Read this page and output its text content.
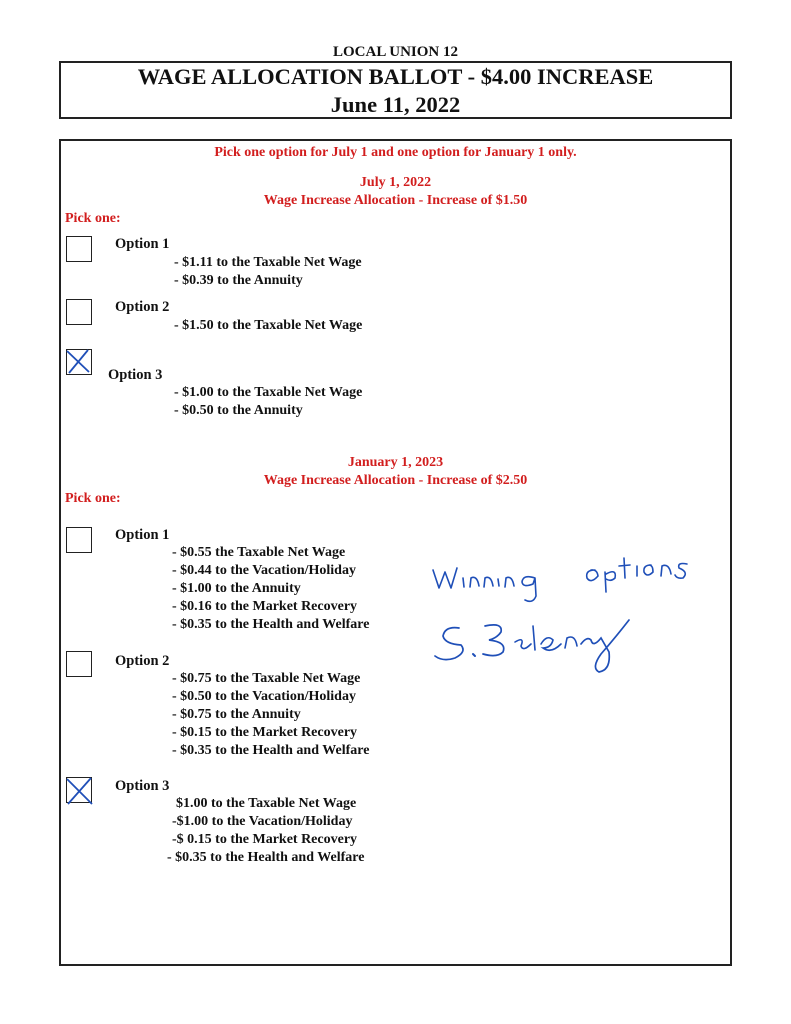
LOCAL UNION 12
WAGE ALLOCATION BALLOT - $4.00 INCREASE
June 11, 2022
Pick one option for July 1 and one option for January 1 only.
July 1, 2022
Wage Increase Allocation - Increase of $1.50
Pick one:
Option 1
- $1.11 to the Taxable Net Wage
- $0.39 to the Annuity
Option 2
- $1.50 to the Taxable Net Wage
Option 3
- $1.00 to the Taxable Net Wage
- $0.50 to the Annuity
January 1, 2023
Wage Increase Allocation - Increase of $2.50
Pick one:
Option 1
- $0.55 the Taxable Net Wage
- $0.44 to the Vacation/Holiday
- $1.00 to the Annuity
- $0.16 to the Market Recovery
- $0.35 to the Health and Welfare
Option 2
- $0.75 to the Taxable Net Wage
- $0.50 to the Vacation/Holiday
- $0.75 to the Annuity
- $0.15 to the Market Recovery
- $0.35 to the Health and Welfare
Option 3
$1.00 to the Taxable Net Wage
-$1.00 to the Vacation/Holiday
-$ 0.15 to the Market Recovery
- $0.35 to the Health and Welfare
